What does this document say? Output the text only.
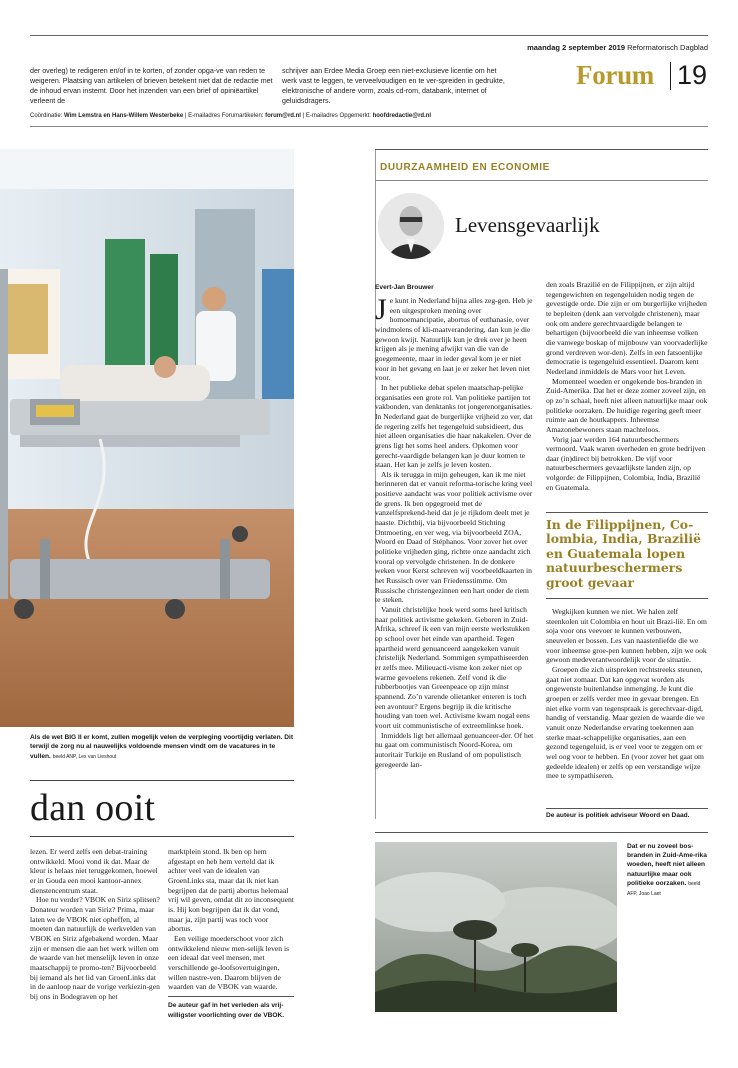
maandag 2 september 2019 Reformatorisch Dagblad
Forum 19
der overleg) te redigeren en/of in te korten, of zonder opga-ve van reden te weigeren. Plaatsing van artikelen of brieven betekent niet dat de redactie met de inhoud ervan instemt. Door het inzenden van een brief of opiniëartikel verleent de
schrijver aan Erdee Media Groep een niet-exclusieve licentie om het werk vast te leggen, te verveelvoudigen en te ver-spreiden in gedrukte, elektronische of andere vorm, zoals cd-rom, databank, internet of geluidsdragers.
Coördinatie: Wim Lemstra en Hans-Willem Westerbeke | E-mailadres Forumartikelen: forum@rd.nl | E-mailadres Opgemerkt: hoofdredactie@rd.nl
Als de wet BIG II er komt, zullen mogelijk velen de verpleging voortijdig verlaten. Dit terwijl de zorg nu al nauwelijks voldoende mensen vindt om de vacatures in te vullen. beeld ANP, Lex van Lieshout
dan ooit

lezen. Er werd zelfs een debat-training ontwikkeld. Mooi vond ik dat. Maar de kleur is helaas niet teruggekomen, hoewel er in Gouda een mooi kantoor-annex dienstencentrum staat.

Hoe nu verder? VBOK en Siriz splitsen? Donateur worden van Siriz? Prima, maar laten we de VBOK niet opheffen, al moeten dan natuurlijk de werkvelden van VBOK en Siriz afgebakend worden. Maar zijn er mensen die aan het werk willen om de waarde van het menselijk leven in onze maatschappij te promo-ten? Bijvoorbeeld bij iemand als het lid van GroenLinks dat in de aanloop naar de vorige verkiezin-gen bij ons in Bodegraven op het

marktplein stond. Ik ben op hem afgestapt en heb hem verteld dat ik achter veel van de idealen van GroenLinks sta, maar dat ik niet kan begrijpen dat de partij abortus helemaal vrij wil geven, omdat dit zo inconsequent is. Hij kon begrijpen dat ik dat vond, maar ja, zijn partij was toch voor abortus.

Een veilige moederschoot voor zich ontwikkelend nieuw men-selijk leven is een ideaal dat veel mensen, met verschillende ge-loofsovertuigingen, willen nastre-ven. Daarom blijven de waarden van de VBOK van waarde.

De auteur gaf in het verleden als vrij-willigster voorlichting over de VBOK.
DUURZAAMHEID EN ECONOMIE
Levensgevaarlijk
Evert-Jan Brouwer

Je kunt in Nederland bijna alles zeg-gen. Heb je een uitgesproken mening over homoemancipatie, abortus of euthanasie, over windmolens of kli-maatverandering, dan kun je die gewoon kwijt. Natuurlijk kun je drek over je heen krijgen als je mening afwijkt van die van de goegemeente, maar in ieder geval kom je er niet voor in het gevang en laat je er zeker het leven niet voor.

In het publieke debat spelen maatschap-pelijke organisaties een grote rol. Van politieke partijen tot vakbonden, van denktanks tot jongerenorganisaties. In Nederland gaat de burgerlijke vrijheid zo ver, dat de regering zelfs het tegengeluid subsidieert, dus niet alleen organisaties die haar nakakelen. Over de grens ligt het soms heel anders. Opkomen voor gerecht-vaardigde belangen kan je duur komen te staan. Het kan je zelfs je leven kosten.

Als ik terugga in mijn geheugen, kan ik me niet herinneren dat er vanuit reforma-torische kring veel positieve aandacht was voor politiek activisme over de grens. Ik ben opgegroeid met de vanzelfsprekend-heid dat je je rijkdom deelt met je naaste. Dichtbij, via bijvoorbeeld Stichting Ontmoeting, en ver weg, via bijvoorbeeld ZOA, Woord en Daad of Stéphanos. Voor zover het over politieke vrijheden ging, richtte onze aandacht zich vooral op vervolgde christenen. In de donkere weken voor Kerst schreven wij voorbeeldkaarten in het Russisch over van Friedensstimme. Om Russische christengezinnen een hart onder de riem te steken.

Vanuit christelijke hoek werd soms heel kritisch naar politiek activisme gekeken. Geboren in Zuid-Afrika, schreef ik een van mijn eerste werkstukken op school over het einde van apartheid. Tegen apartheid werd genuanceerd aangekeken vanuit christelijk Nederland. Sommigen sympathiseerden er zelfs mee. Milieuacti-visme kon zeker niet op warme gevoelens rekenen. Zelf vond ik die rubberbootjes van Greenpeace op zijn minst spannend. Zo’n varende olietanker enteren is toch een avontuur? Ergens begrijp ik die kritische houding van toen wel. Activisme kwam nogal eens voort uit communistische of extreemlinkse hoek.

Inmiddels ligt het allemaal genuanceer-der. Of het nu gaat om communistisch Noord-Korea, om autoritair Turkije en Rusland of om populistisch geregeerde lan-

den zoals Brazilië en de Filippijnen, er zijn altijd tegengewichten en tegengeluiden nodig tegen de gevestigde orde. Die zijn er om burgerlijke vrijheden te bepleiten (denk aan vervolgde christenen), maar ook om andere gerechtvaardigde belangen te behartigen (bijvoorbeeld die van inheemse volken die vanwege boskap of mijnbouw van voorvaderlijke grond verdreven wor-den). Zelfs in een fatsoenlijke democratie is tegengeluid essentieel. Daarom kent Nederland inmiddels de Mars voor het Leven.

Momenteel woeden er ongekende bos-branden in Zuid-Amerika. Dat het er deze zomer zoveel zijn, en op zo’n schaal, heeft niet alleen natuurlijke maar ook politieke oorzaken. De huidige regering geeft meer ruimte aan de houtkappers. Inheemse Amazonebewoners staan machteloos.

Vorig jaar werden 164 natuurbeschermers vermoord. Vaak waren overheden en grote bedrijven daar (in)direct bij betrokken. De vijf voor natuurbeschermers gevaarlijkste landen zijn, op volgorde: de Filippijnen, Colombia, India, Brazilië en Guatemala.

In de Filippijnen, Co-lombia, India, Brazilië en Guatemala lopen natuurbeschermers groot gevaar

Wegkijken kunnen we niet. We halen zelf steenkolen uit Colombia en hout uit Brazi-lië. En om soja voor ons veevoer te kunnen verbouwen, sneuvelen er bossen. Les van naastenliefde die we voor inheemse groe-pen kunnen hebben, zijn we ook gewoon medeverantwoordelijk voor de situatie.

Groepen die zich uitspreken rechtstreeks steunen, gaat niet zomaar. Dat kan opgevat worden als ongewenste buitenlandse inmenging. Je kunt die groepen er zelfs verder mee in gevaar brengen. En niet elke vorm van tegenspraak is gerechtvaar-digd, handig of verstandig. Maar gezien de waarde die we vanuit onze Nederlandse ervaring toekennen aan sterke maat-schappelijke organisaties, aan een gezond tegengeluid, is er veel voor te zeggen om er wel oog voor te hebben. En (voor zover het gaat om gedeelde idealen) er zelfs op een verstandige wijze mee te sympathiseren.

De auteur is politiek adviseur Woord en Daad.
Dat er nu zoveel bos-branden in Zuid-Ame-rika woeden, heeft niet alleen natuurlijke maar ook politieke oorzaken. beeld AFP, Joao Laet
